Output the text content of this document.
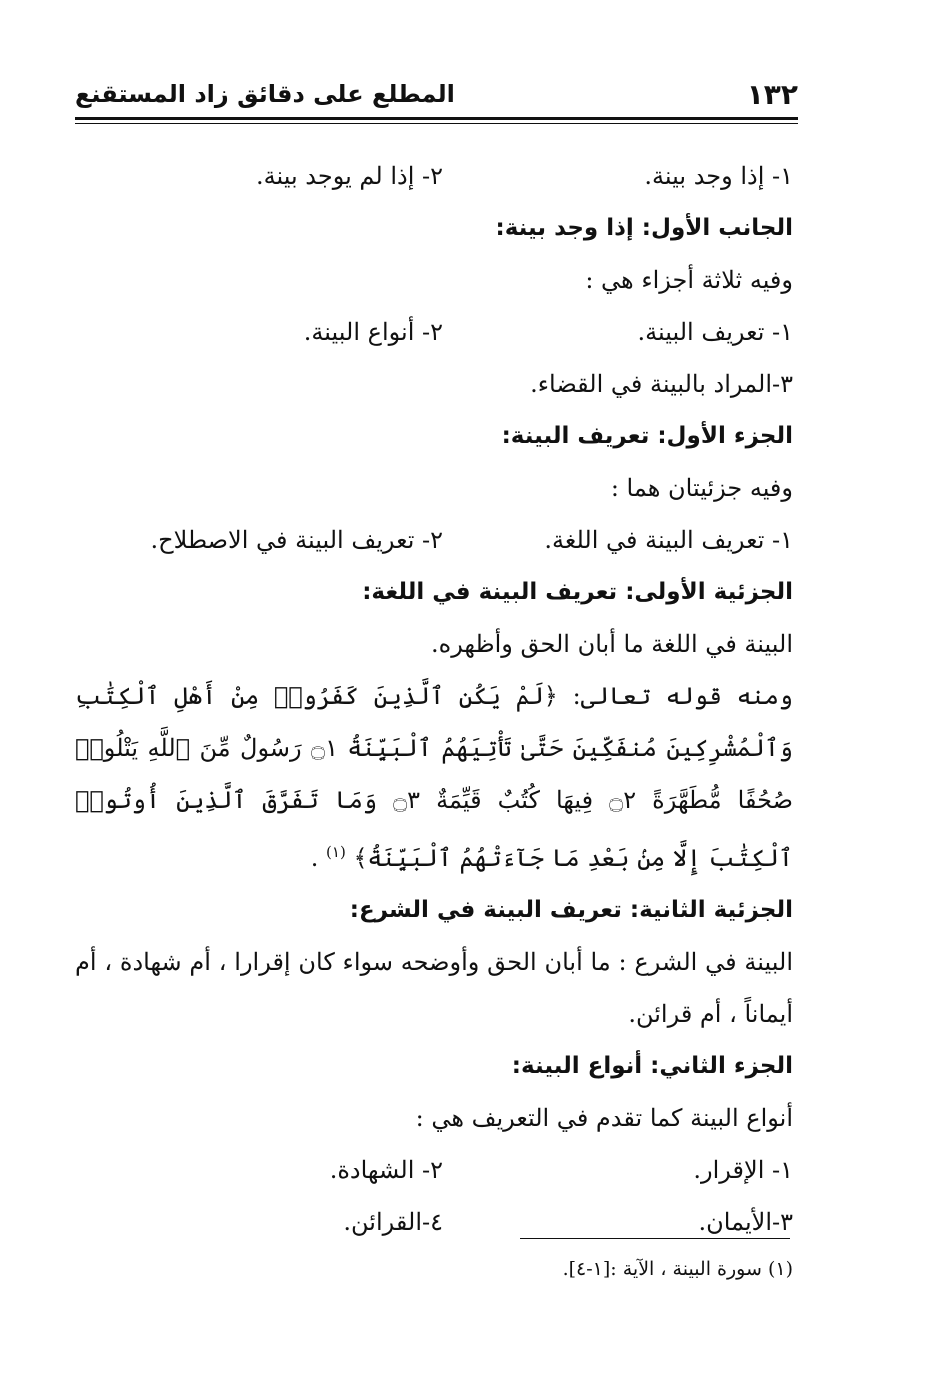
١٣٢
المطلع على دقائق زاد المستقنع
١- إذا وجد بينة.
٢- إذا لم يوجد بينة.
الجانب الأول: إذا وجد بينة:
وفيه ثلاثة أجزاء هي :
١- تعريف البينة.
٢- أنواع البينة.
٣-المراد بالبينة في القضاء.
الجزء الأول: تعريف البينة:
وفيه جزئيتان هما :
١- تعريف البينة في اللغة.
٢- تعريف البينة في الاصطلاح.
الجزئية الأولى: تعريف البينة في اللغة:
البينة في اللغة ما أبان الحق وأظهره.
ومنه قوله تعالى: ﴿لَمْ يَكُنِ ٱلَّذِينَ كَفَرُوا۟ مِنْ أَهْلِ ٱلْكِتَٰبِ وَٱلْمُشْرِكِينَ مُنفَكِّينَ حَتَّىٰ تَأْتِيَهُمُ ٱلْبَيِّنَةُ ۝١ رَسُولٌ مِّنَ ٱللَّهِ يَتْلُوا۟ صُحُفًا مُّطَهَّرَةً ۝٢ فِيهَا كُتُبٌ قَيِّمَةٌ ۝٣ وَمَا تَفَرَّقَ ٱلَّذِينَ أُوتُوا۟ ٱلْكِتَٰبَ إِلَّا مِنۢ بَعْدِ مَا جَآءَتْهُمُ ٱلْبَيِّنَةُ﴾ $^{(١)}$ .
الجزئية الثانية: تعريف البينة في الشرع:
البينة في الشرع : ما أبان الحق وأوضحه سواء كان إقرارا ، أم شهادة ، أم أيماناً ، أم قرائن.
الجزء الثاني: أنواع البينة:
أنواع البينة كما تقدم في التعريف هي :
١- الإقرار.
٢- الشهادة.
٣-الأيمان.
٤-القرائن.
(١) سورة البينة ، الآية :[١-٤].
